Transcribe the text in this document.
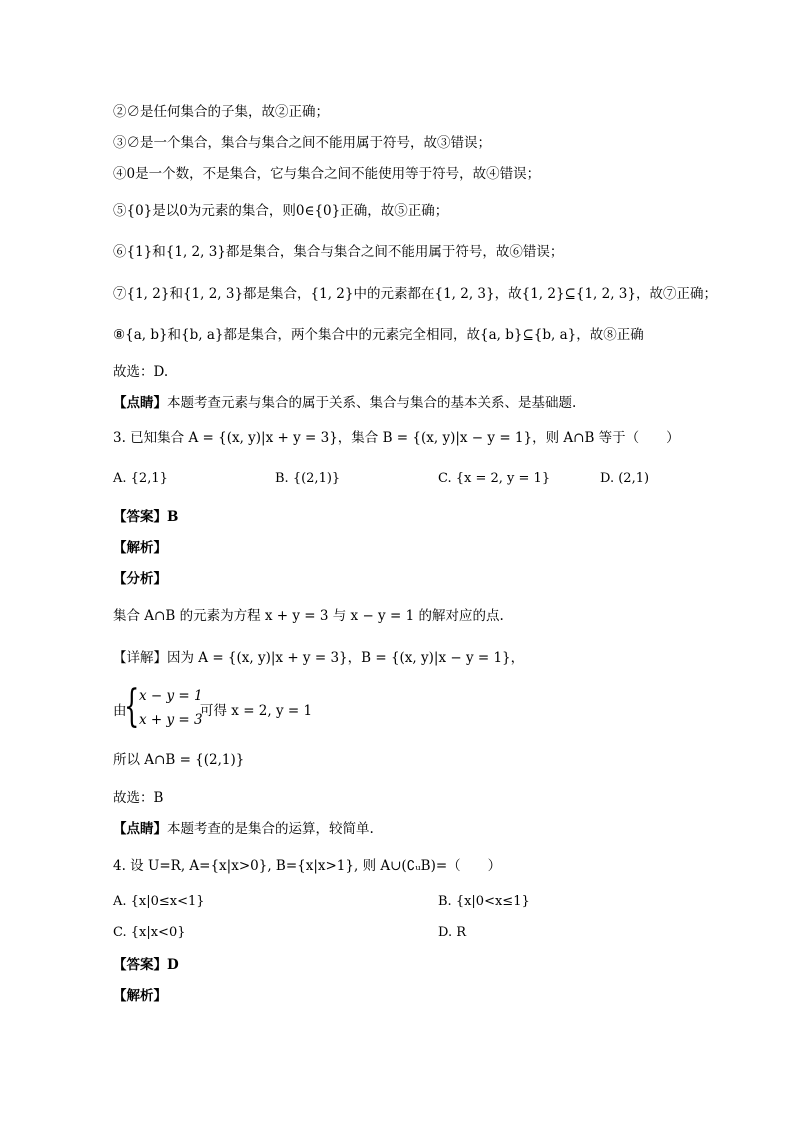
②∅是任何集合的子集，故②正确；
③∅是一个集合，集合与集合之间不能用属于符号，故③错误；
④0是一个数，不是集合，它与集合之间不能使用等于符号，故④错误；
⑤{0}是以0为元素的集合，则0∈{0}正确，故⑤正确；
⑥{1}和{1, 2, 3}都是集合，集合与集合之间不能用属于符号，故⑥错误；
⑦{1, 2}和{1, 2, 3}都是集合，{1, 2}中的元素都在{1, 2, 3}，故{1, 2}⊆{1, 2, 3}，故⑦正确；
⑧{a, b}和{b, a}都是集合，两个集合中的元素完全相同，故{a, b}⊆{b, a}，故⑧正确
故选：D.
【点睛】本题考查元素与集合的属于关系、集合与集合的基本关系、是基础题.
3. 已知集合 A = {(x, y)|x + y = 3}，集合 B = {(x, y)|x − y = 1}，则 A∩B 等于（　　）
A. {2,1}	B. {(2,1)}	C. {x = 2, y = 1}	D. (2,1)
【答案】B
【解析】
【分析】
集合 A∩B 的元素为方程 x + y = 3 与 x − y = 1 的解对应的点.
【详解】因为 A = {(x, y)|x + y = 3}，B = {(x, y)|x − y = 1}，
由
{ x − y = 1
x + y = 3
可得 x = 2, y = 1
所以 A∩B = {(2,1)}
故选：B
【点睛】本题考查的是集合的运算，较简单.
4. 设 U=R, A={x|x>0}, B={x|x>1}, 则 A∪(∁ᵤB)=（　　）
A. {x|0≤x<1}	B. {x|0<x≤1}
C. {x|x<0}	D. R
【答案】D
【解析】
